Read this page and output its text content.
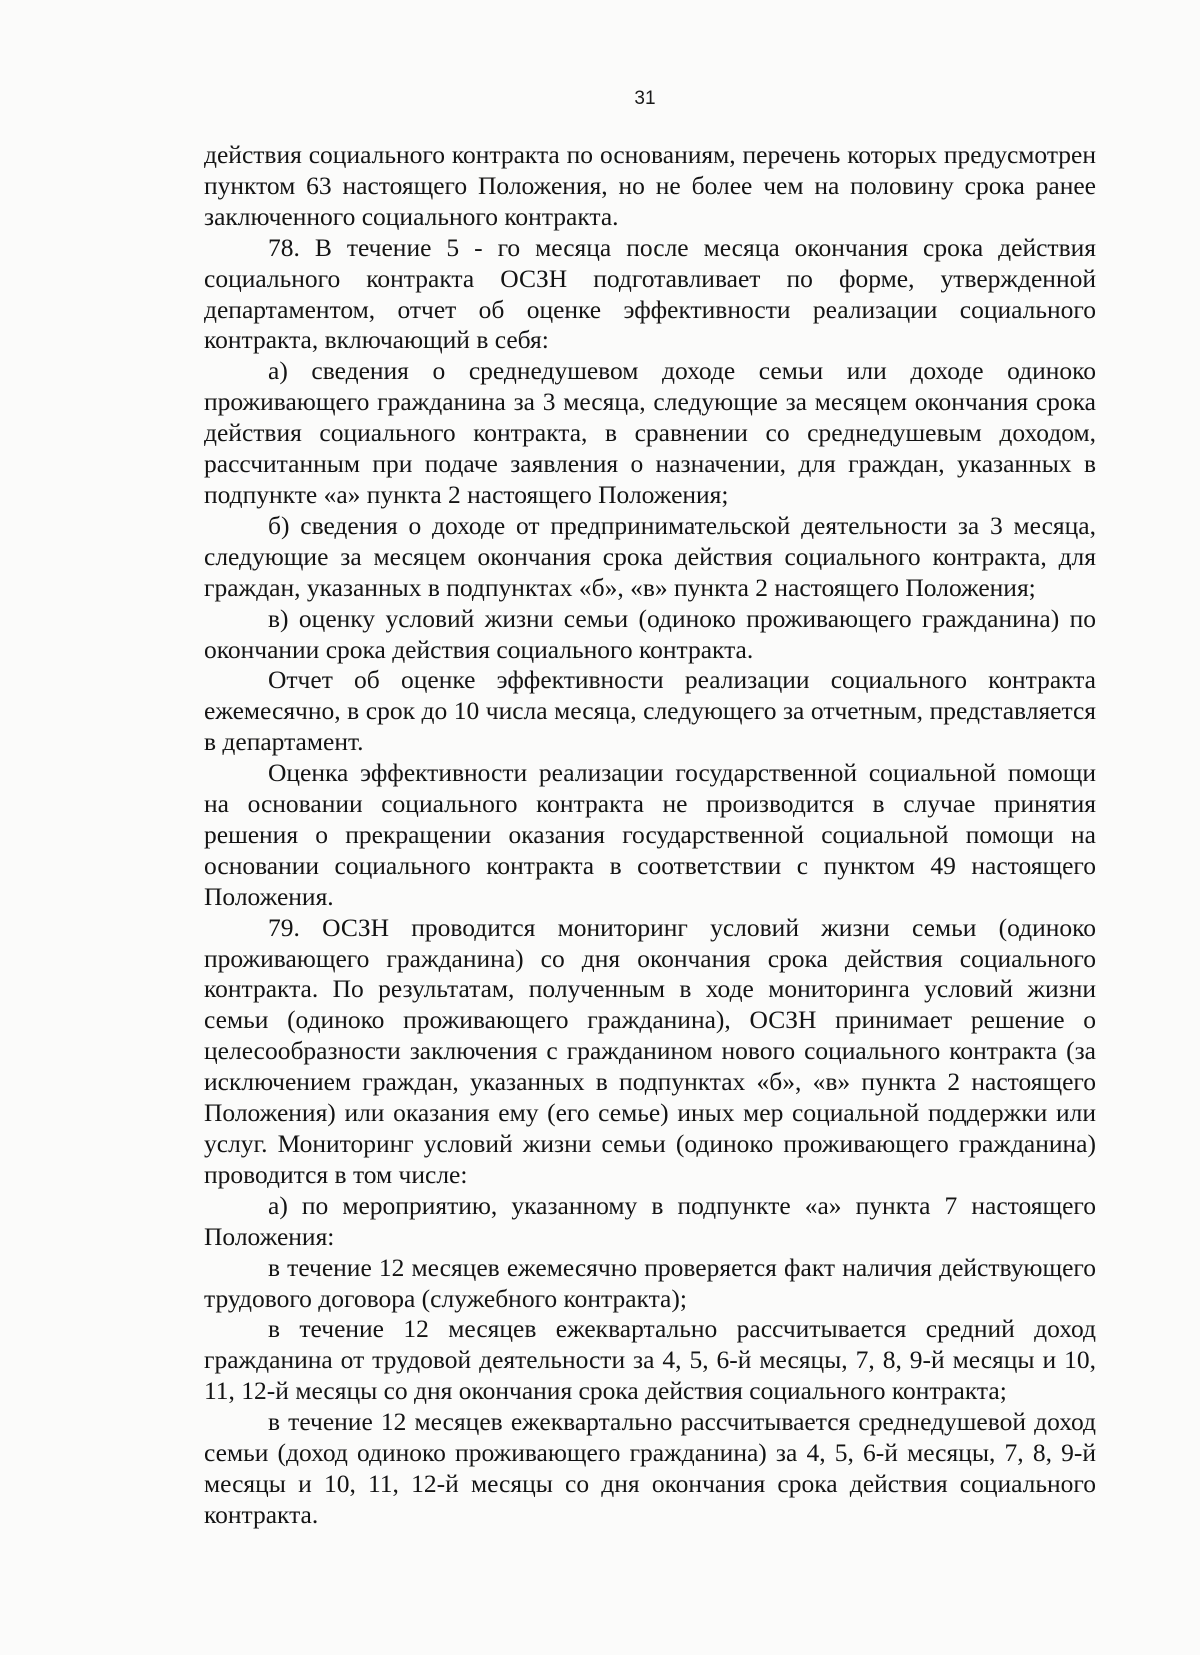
31

действия социального контракта по основаниям, перечень которых предусмотрен пунктом 63 настоящего Положения, но не более чем на половину срока ранее заключенного социального контракта.

78. В течение 5 - го месяца после месяца окончания срока действия социального контракта ОСЗН подготавливает по форме, утвержденной департаментом, отчет об оценке эффективности реализации социального контракта, включающий в себя:

а) сведения о среднедушевом доходе семьи или доходе одиноко проживающего гражданина за 3 месяца, следующие за месяцем окончания срока действия социального контракта, в сравнении со среднедушевым доходом, рассчитанным при подаче заявления о назначении, для граждан, указанных в подпункте «а» пункта 2 настоящего Положения;

б) сведения о доходе от предпринимательской деятельности за 3 месяца, следующие за месяцем окончания срока действия социального контракта, для граждан, указанных в подпунктах «б», «в» пункта 2 настоящего Положения;

в) оценку условий жизни семьи (одиноко проживающего гражданина) по окончании срока действия социального контракта.

Отчет об оценке эффективности реализации социального контракта ежемесячно, в срок до 10 числа месяца, следующего за отчетным, представляется в департамент.

Оценка эффективности реализации государственной социальной помощи на основании социального контракта не производится в случае принятия решения о прекращении оказания государственной социальной помощи на основании социального контракта в соответствии с пунктом 49 настоящего Положения.

79. ОСЗН проводится мониторинг условий жизни семьи (одиноко проживающего гражданина) со дня окончания срока действия социального контракта. По результатам, полученным в ходе мониторинга условий жизни семьи (одиноко проживающего гражданина), ОСЗН принимает решение о целесообразности заключения с гражданином нового социального контракта (за исключением граждан, указанных в подпунктах «б», «в» пункта 2 настоящего Положения) или оказания ему (его семье) иных мер социальной поддержки или услуг. Мониторинг условий жизни семьи (одиноко проживающего гражданина) проводится в том числе:

а) по мероприятию, указанному в подпункте «а» пункта 7 настоящего Положения:

в течение 12 месяцев ежемесячно проверяется факт наличия действующего трудового договора (служебного контракта);

в течение 12 месяцев ежеквартально рассчитывается средний доход гражданина от трудовой деятельности за 4, 5, 6-й месяцы, 7, 8, 9-й месяцы и 10, 11, 12-й месяцы со дня окончания срока действия социального контракта;

в течение 12 месяцев ежеквартально рассчитывается среднедушевой доход семьи (доход одиноко проживающего гражданина) за 4, 5, 6-й месяцы, 7, 8, 9-й месяцы и 10, 11, 12-й месяцы со дня окончания срока действия социального контракта.
